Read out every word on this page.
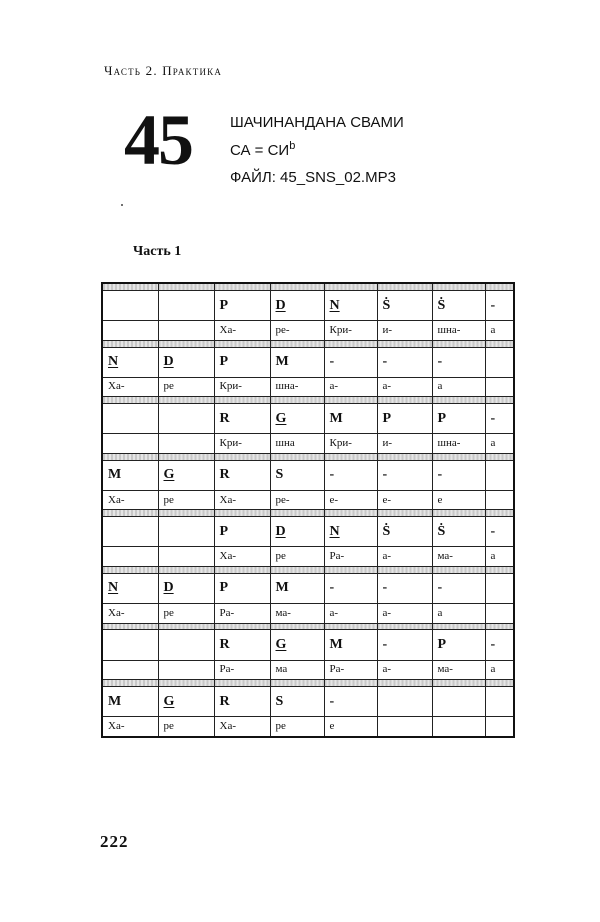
Часть 2. Практика
45	ШАЧИНАНДАНА СВАМИ
СА = $СИ^b$
ФАЙЛ: 45_SNS_02.MP3
Часть 1

		P	D	N	Ṡ	Ṡ	-
		Ха-	ре-	Кри-	и-	шна-	а

N	D	P	M	-	-	-	
Ха-	ре	Кри-	шна-	а-	а-	а	

		R	G	M	P	P	-
		Кри-	шна	Кри-	и-	шна-	а

M	G	R	S	-	-	-	
Ха-	ре	Ха-	ре-	е-	е-	е	

		P	D	N	Ṡ	Ṡ	-
		Ха-	ре	Ра-	а-	ма-	а

N	D	P	M	-	-	-	
Ха-	ре	Ра-	ма-	а-	а-	а	

		R	G	M	-	P	-
		Ра-	ма	Ра-	а-	ма-	а

M	G	R	S	-			
Ха-	ре	Ха-	ре	е			
222
